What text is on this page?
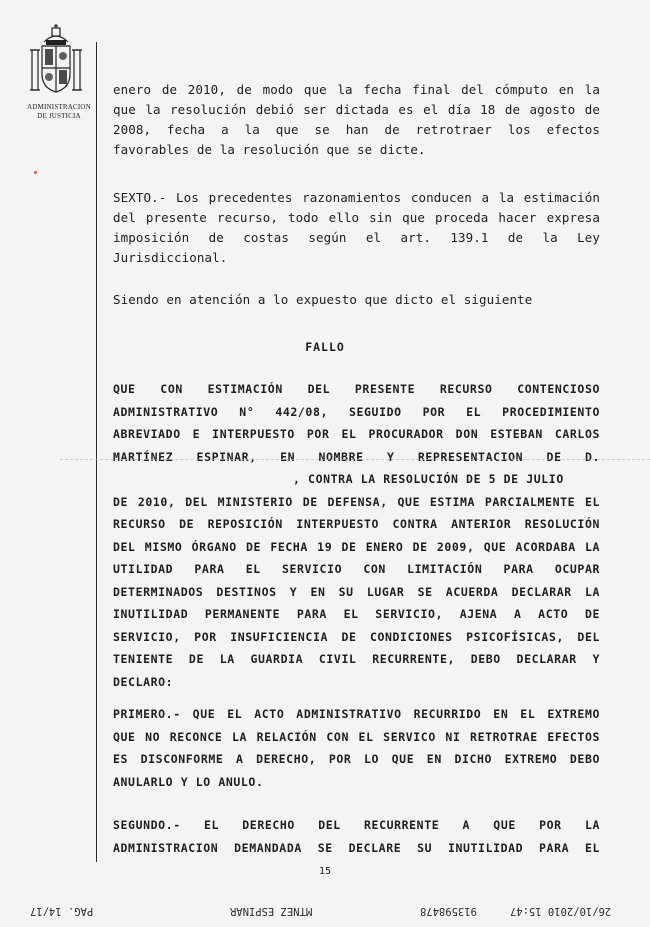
ADMINISTRACION
DE JUSTICIA
enero de 2010, de modo que la fecha final del cómputo en la
que la resolución debió ser dictada es el día 18 de agosto de
2008, fecha a la que se han de retrotraer los efectos
favorables de la resolución que se dicte.
SEXTO.- Los precedentes razonamientos conducen a la estimación
del presente recurso, todo ello sin que proceda hacer expresa
imposición de costas según el art. 139.1 de la Ley
Jurisdiccional.
Siendo en atención a lo expuesto que dicto el siguiente
FALLO
QUE CON ESTIMACIÓN DEL PRESENTE RECURSO CONTENCIOSO
ADMINISTRATIVO N° 442/08, SEGUIDO POR EL PROCEDIMIENTO
ABREVIADO E INTERPUESTO POR EL PROCURADOR DON ESTEBAN CARLOS
MARTÍNEZ ESPINAR, EN NOMBRE Y REPRESENTACION DE D.
, CONTRA LA RESOLUCIÓN DE 5 DE JULIO
DE 2010, DEL MINISTERIO DE DEFENSA, QUE ESTIMA PARCIALMENTE EL
RECURSO DE REPOSICIÓN INTERPUESTO CONTRA ANTERIOR RESOLUCIÓN
DEL MISMO ÓRGANO DE FECHA 19 DE ENERO DE 2009, QUE ACORDABA LA
UTILIDAD PARA EL SERVICIO CON LIMITACIÓN PARA OCUPAR
DETERMINADOS DESTINOS Y EN SU LUGAR SE ACUERDA DECLARAR LA
INUTILIDAD PERMANENTE PARA EL SERVICIO, AJENA A ACTO DE
SERVICIO, POR INSUFICIENCIA DE CONDICIONES PSICOFÍSICAS, DEL
TENIENTE DE LA GUARDIA CIVIL RECURRENTE, DEBO DECLARAR Y
DECLARO:
PRIMERO.- QUE EL ACTO ADMINISTRATIVO RECURRIDO EN EL EXTREMO
QUE NO RECONCE LA RELACIÓN CON EL SERVICO NI RETROTRAE EFECTOS
ES DISCONFORME A DERECHO, POR LO QUE EN DICHO EXTREMO DEBO
ANULARLO Y LO ANULO.
SEGUNDO.- EL DERECHO DEL RECURRENTE A QUE POR LA
ADMINISTRACION DEMANDADA SE DECLARE SU INUTILIDAD PARA EL
15
26/10/2010 15:47
913598478
MTNEZ ESPINAR
PAG. 14/17
